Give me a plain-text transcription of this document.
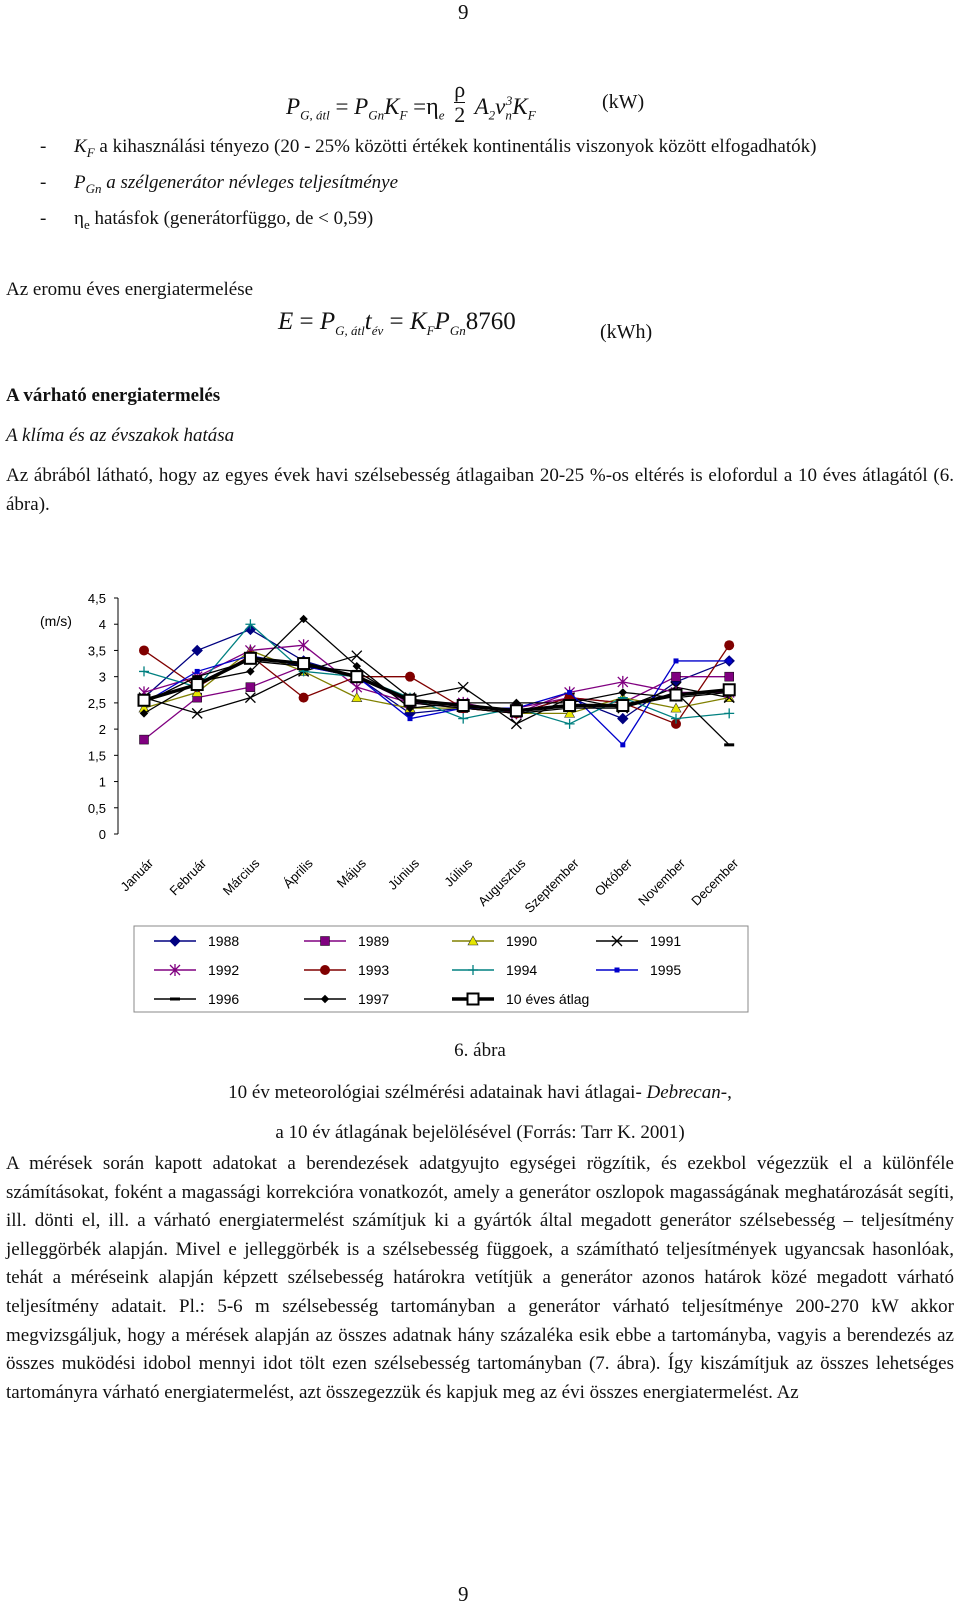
9
$P_{G, átl} = P_{Gn}K_F =\eta_e \frac{\rho}{2} A_2v_n^3K_F$
(kW)
- $K_F$ a kihasználási tényezo (20 - 25% közötti értékek kontinentális viszonyok között elfogadhatók)
- $P_{Gn}$ a szélgenerátor névleges teljesítménye
- $\eta_e$ hatásfok (generátorfüggo, de < 0,59)
Az eromu éves energiatermelése
$E = P_{G, átl}t_{év} = K_FP_{Gn}8760$	(kWh)
A várható energiatermelés
A klíma és az évszakok hatása
Az ábrából látható, hogy az egyes évek havi szélsebesség átlagaiban 20-25 %-os eltérés is elofordul a 10 éves átlagától (6. ábra).
0
0,5
1
1,5
2
2,5
3
3,5
4
4,5
(m/s)
Január Február Március Április Május Június Július Augusztus
Szeptember Október November December
1988	1989	1990	1991
1992	1993	1994	1995
1996	1997	10 éves átlag
6. ábra
10 év meteorológiai szélmérési adatainak havi átlagai- Debrecan-,
a 10 év átlagának bejelölésével (Forrás: Tarr K. 2001)
A mérések során kapott adatokat a berendezések adatgyujto egységei rögzítik, és ezekbol végezzük el a különféle számításokat, foként a magassági korrekcióra vonatkozót, amely a generátor oszlopok magasságának meghatározását segíti, ill. dönti el, ill. a várható energiatermelést számítjuk ki a gyártók által megadott generátor szélsebesség – teljesítmény jelleggörbék alapján. Mivel e jelleggörbék is a szélsebesség függoek, a számítható teljesítmények ugyancsak hasonlóak, tehát a méréseink alapján képzett szélsebesség határokra vetítjük a generátor azonos határok közé megadott várható teljesítmény adatait. Pl.: 5-6 m szélsebesség tartományban a generátor várható teljesítménye 200-270 kW akkor megvizsgáljuk, hogy a mérések alapján az összes adatnak hány százaléka esik ebbe a tartományba, vagyis a berendezés az összes muködési idobol mennyi idot tölt ezen szélsebesség tartományban (7. ábra). Így kiszámítjuk az összes lehetséges tartományra várható energiatermelést, azt összegezzük és kapjuk meg az évi összes energiatermelést. Az
9
